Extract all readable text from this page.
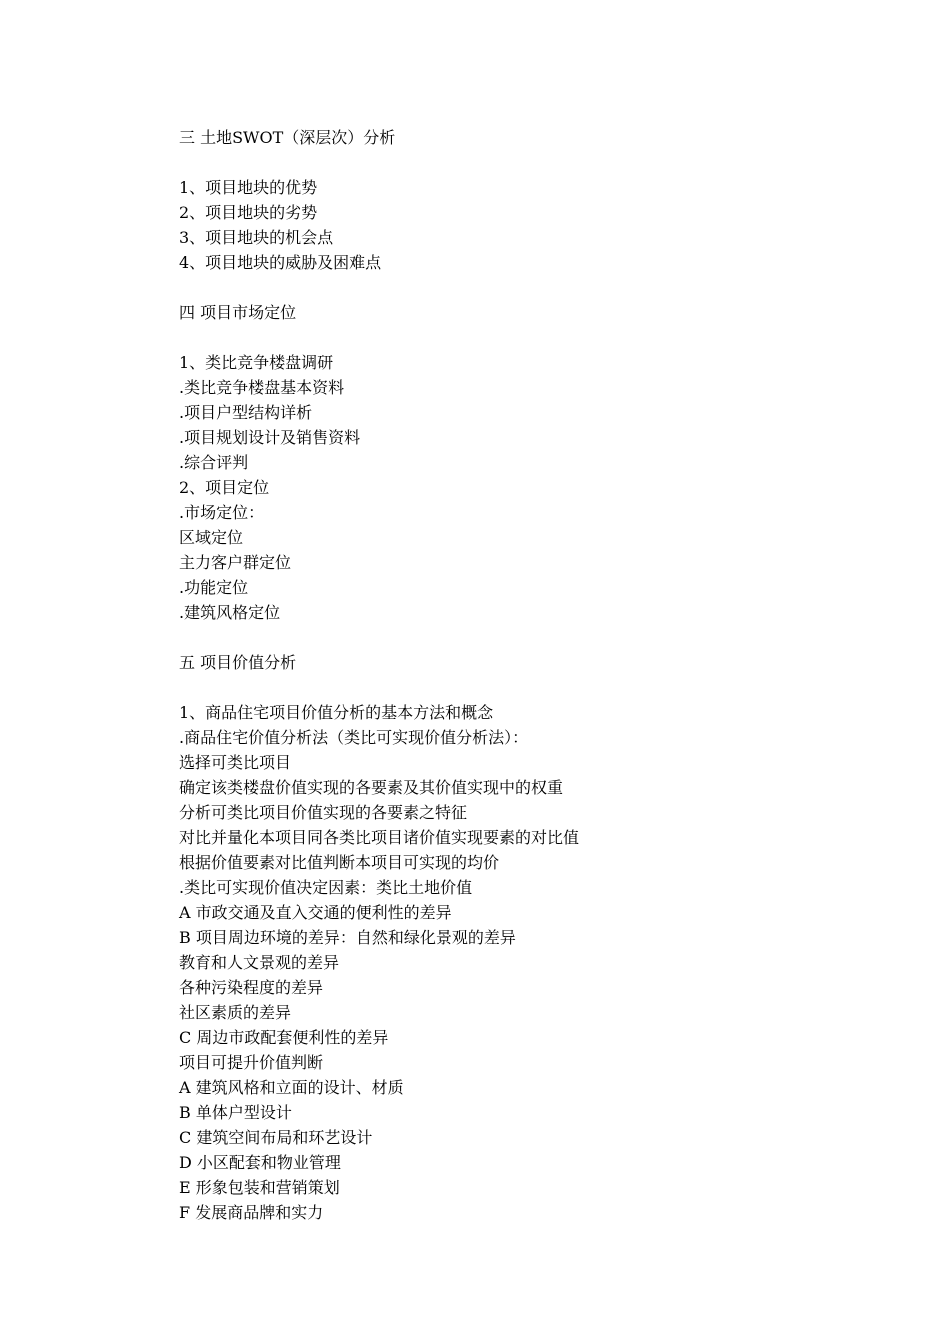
三 土地SWOT（深层次）分析
1、项目地块的优势
2、项目地块的劣势
3、项目地块的机会点
4、项目地块的威胁及困难点
四 项目市场定位
1、类比竞争楼盘调研
.类比竞争楼盘基本资料
.项目户型结构详析
.项目规划设计及销售资料
.综合评判
2、项目定位
.市场定位：
区域定位
主力客户群定位
.功能定位
.建筑风格定位
五 项目价值分析
1、商品住宅项目价值分析的基本方法和概念
.商品住宅价值分析法（类比可实现价值分析法）：
选择可类比项目
确定该类楼盘价值实现的各要素及其价值实现中的权重
分析可类比项目价值实现的各要素之特征
对比并量化本项目同各类比项目诸价值实现要素的对比值
根据价值要素对比值判断本项目可实现的均价
.类比可实现价值决定因素：类比土地价值
A 市政交通及直入交通的便利性的差异
B 项目周边环境的差异：自然和绿化景观的差异
教育和人文景观的差异
各种污染程度的差异
社区素质的差异
C 周边市政配套便利性的差异
项目可提升价值判断
A 建筑风格和立面的设计、材质
B 单体户型设计
C 建筑空间布局和环艺设计
D 小区配套和物业管理
E 形象包装和营销策划
F 发展商品牌和实力
